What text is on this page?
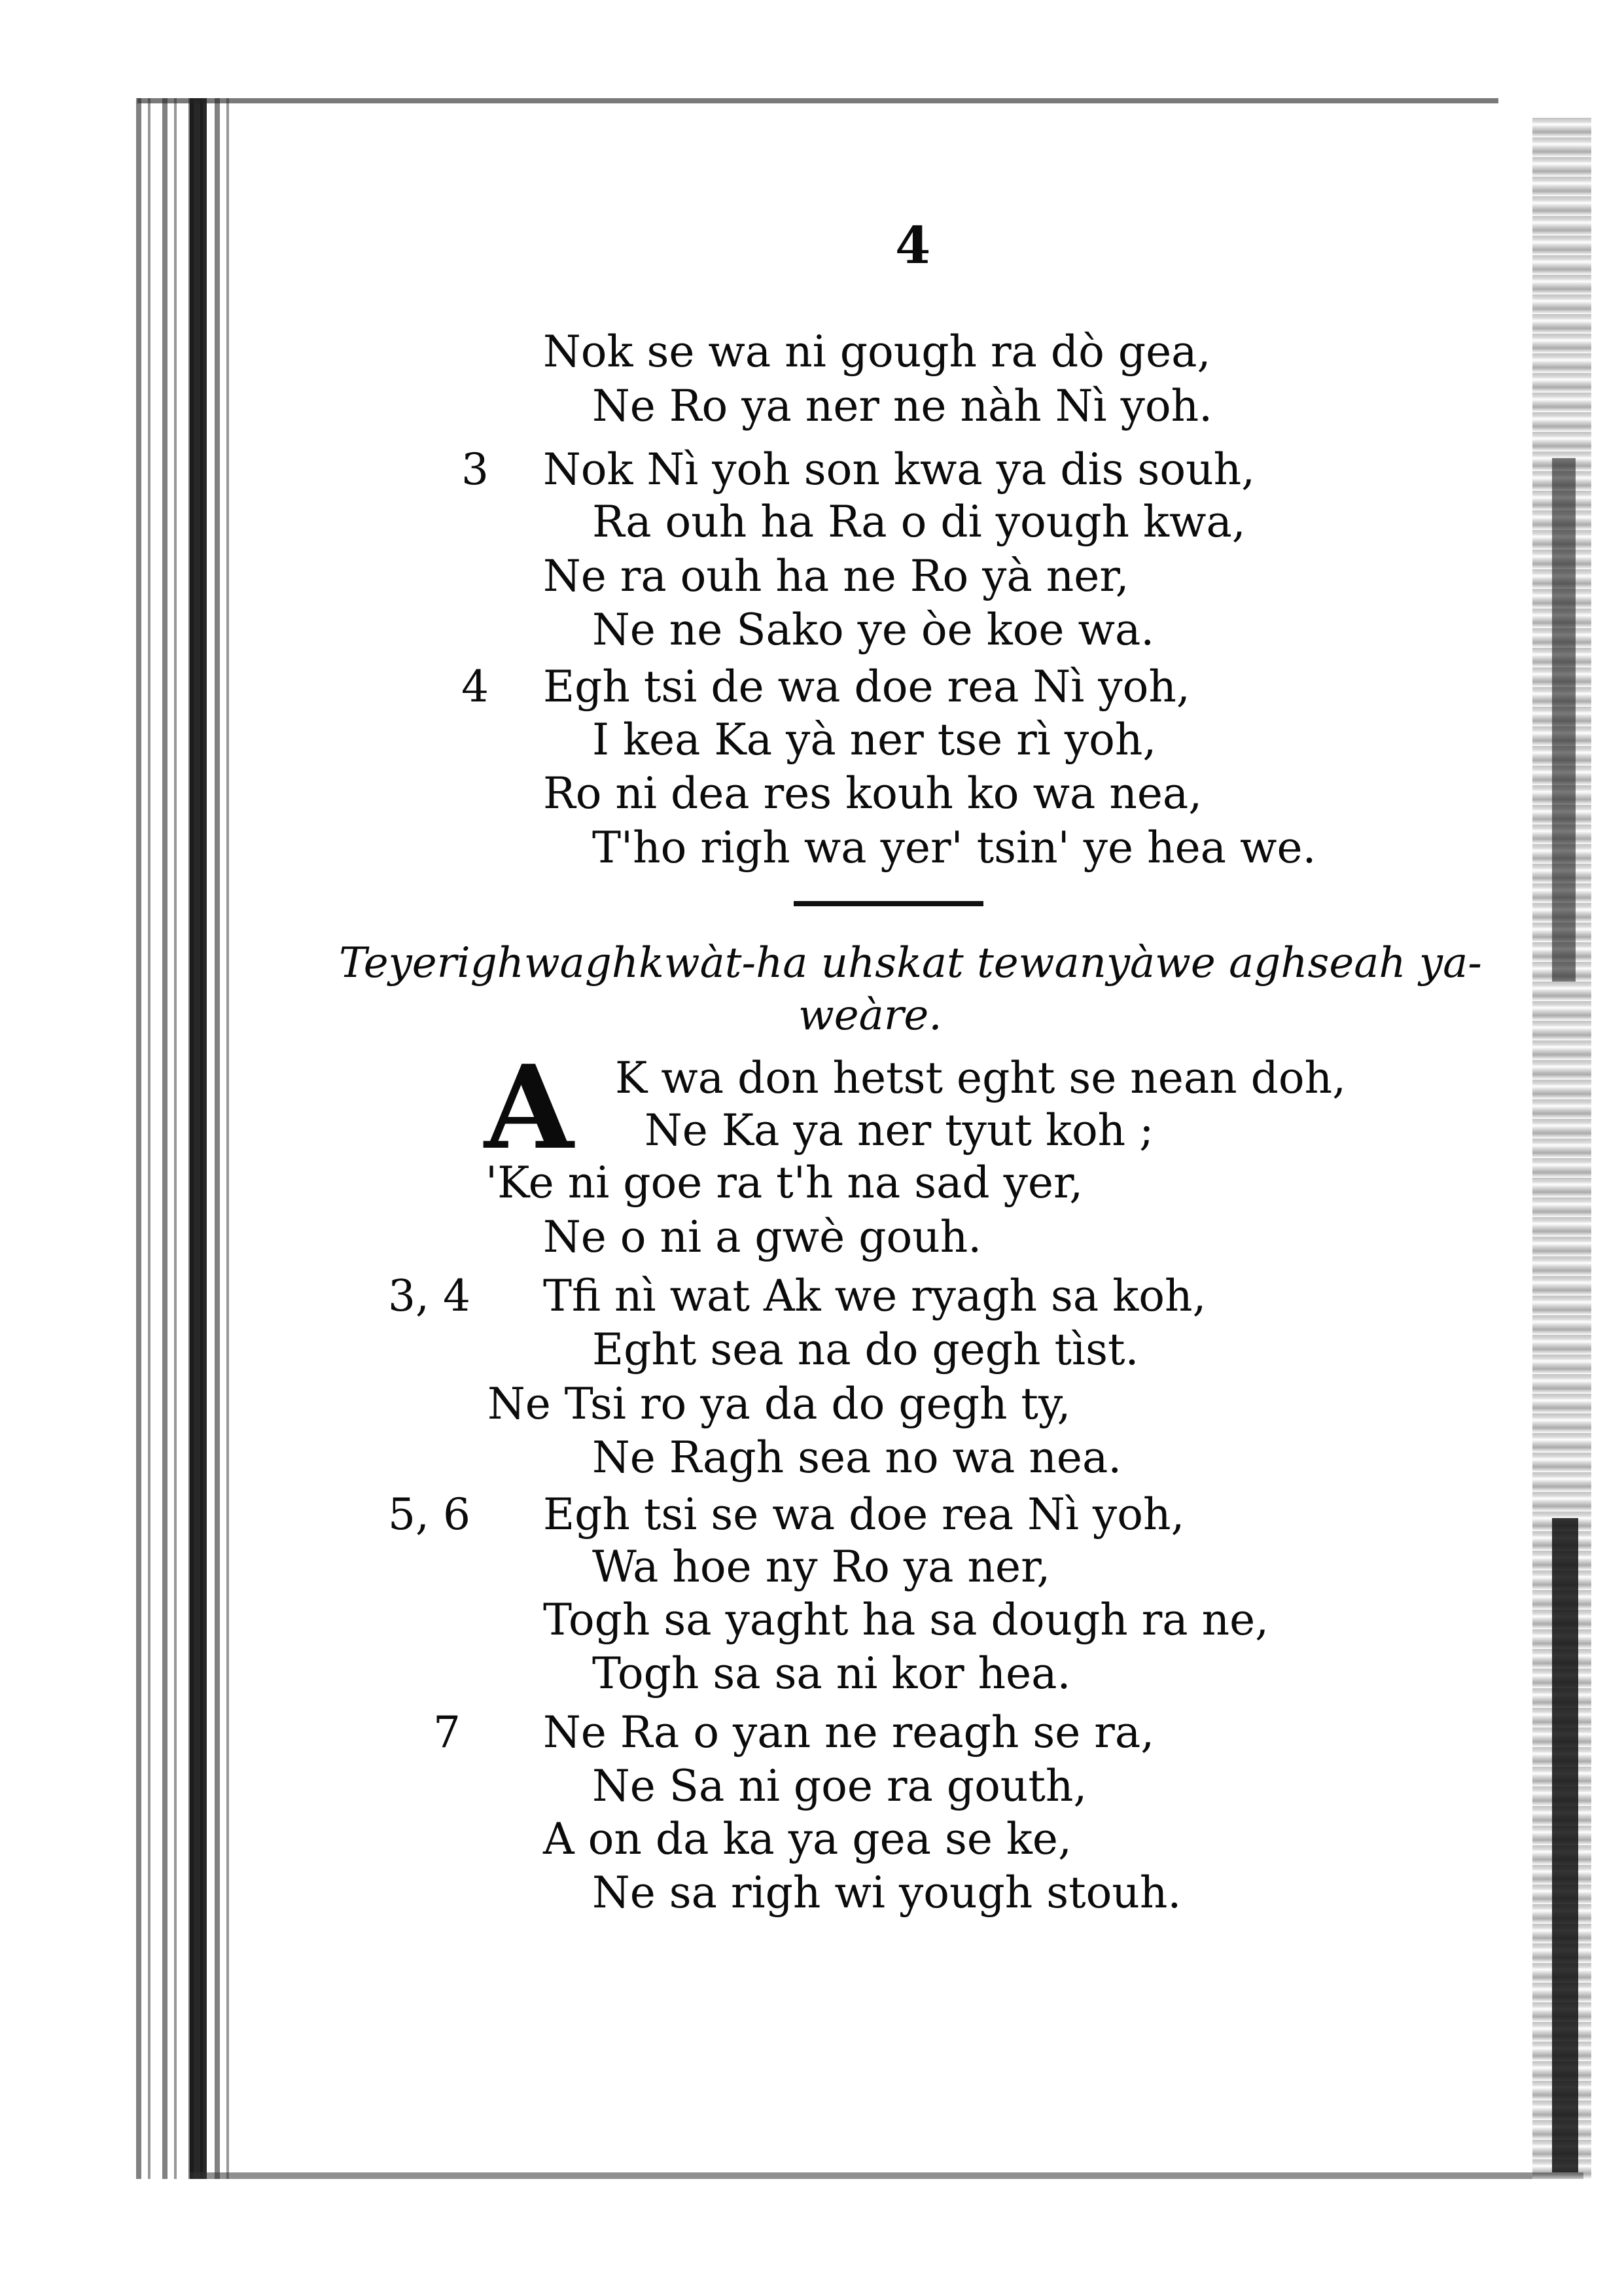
4
Nok se wa ni gough ra dò gea,
Ne Ro ya ner ne nàh Nì yoh.
3 Nok Nì yoh son kwa ya dis souh,
Ra ouh ha Ra o di yough kwa,
Ne ra ouh ha ne Ro yà ner,
Ne ne Sako ye òe koe wa.
4 Egh tsi de wa doe rea Nì yoh,
I kea Ka yà ner tse rì yoh,
Ro ni dea res kouh ko wa nea,
T'ho righ wa yer' tsin' ye hea we.
Teyerighwaghkwàt-ha uhskat tewanyàwe aghseah ya-
weàre.
A K wa don hetst eght se nean doh,
Ne Ka ya ner tyut koh ;
'Ke ni goe ra t'h na sad yer,
Ne o ni a gwè gouh.
3, 4 Tfi nì wat Ak we ryagh sa koh,
Eght sea na do gegh tìst.
Ne Tsi ro ya da do gegh ty,
Ne Ragh sea no wa nea.
5, 6 Egh tsi se wa doe rea Nì yoh,
Wa hoe ny Ro ya ner,
Togh sa yaght ha sa dough ra ne,
Togh sa sa ni kor hea.
7 Ne Ra o yan ne reagh se ra,
Ne Sa ni goe ra gouth,
A on da ka ya gea se ke,
Ne sa righ wi yough stouh.
